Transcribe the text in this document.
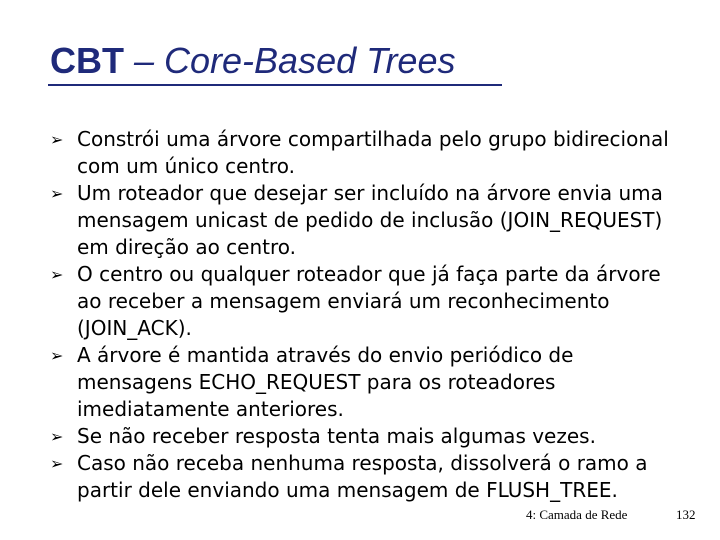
CBT – Core-Based Trees
➢ Constrói uma árvore compartilhada pelo grupo bidirecional com um único centro.
➢ Um roteador que desejar ser incluído na árvore envia uma mensagem unicast de pedido de inclusão (JOIN_REQUEST) em direção ao centro.
➢ O centro ou qualquer roteador que já faça parte da árvore ao receber a mensagem enviará um reconhecimento (JOIN_ACK).
➢ A árvore é mantida através do envio periódico de mensagens ECHO_REQUEST para os roteadores imediatamente anteriores.
➢ Se não receber resposta tenta mais algumas vezes.
➢ Caso não receba nenhuma resposta, dissolverá o ramo a partir dele enviando uma mensagem de FLUSH_TREE.
4: Camada de Rede	132
